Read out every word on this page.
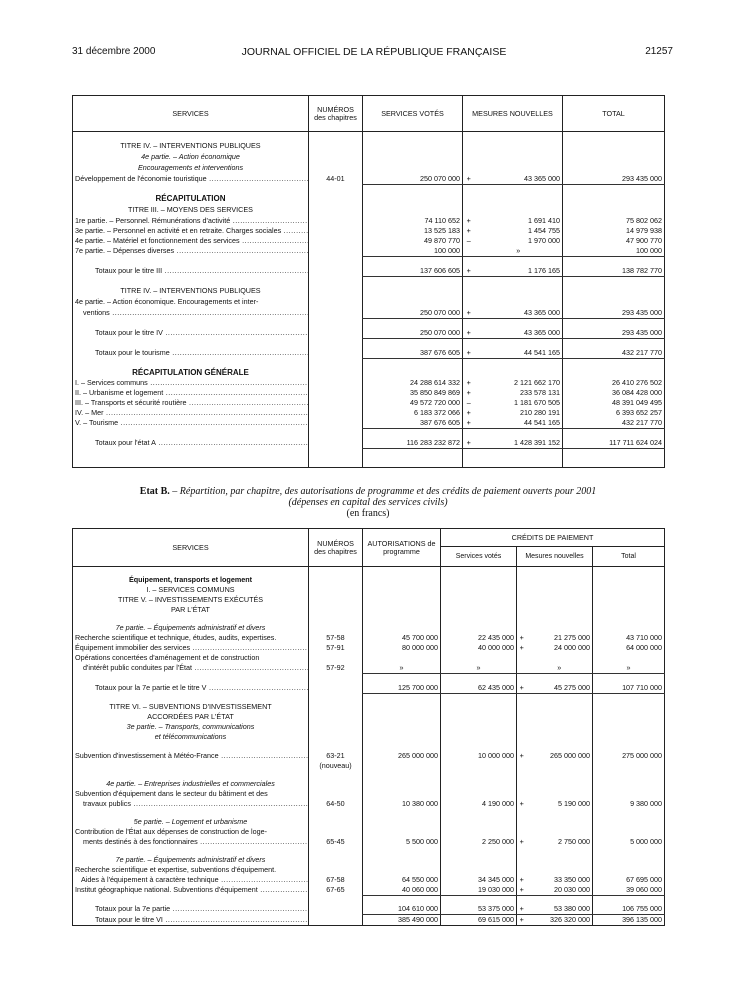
31 décembre 2000	JOURNAL OFFICIEL DE LA RÉPUBLIQUE FRANÇAISE	21257
SERVICES	NUMÉROS des chapitres	SERVICES VOTÉS	MESURES NOUVELLES		TOTAL

TITRE IV. – INTERVENTIONS PUBLIQUES					
4e partie. – Action économique					
Encouragements et interventions					
Développement de l'économie touristique .....	44-01	250 070 000	+	43 365 000	293 435 000

RÉCAPITULATION					
TITRE III. – MOYENS DES SERVICES					
1re partie. – Personnel. Rémunérations d'activité .....		74 110 652	+	1 691 410	75 802 062
3e partie. – Personnel en activité et en retraite. Charges sociales .....		13 525 183	+	1 454 755	14 979 938
4e partie. – Matériel et fonctionnement des services .....		49 870 770	–	1 970 000	47 900 770
7e partie. – Dépenses diverses .....		100 000		»	100 000

Totaux pour le titre III .....		137 606 605	+	1 176 165	138 782 770

TITRE IV. – INTERVENTIONS PUBLIQUES					
4e partie. – Action économique. Encouragements et inter-					
ventions .....		250 070 000	+	43 365 000	293 435 000

Totaux pour le titre IV .....		250 070 000	+	43 365 000	293 435 000

Totaux pour le tourisme .....		387 676 605	+	44 541 165	432 217 770

RÉCAPITULATION GÉNÉRALE					
I. – Services communs .....		24 288 614 332	+	2 121 662 170	26 410 276 502
II. – Urbanisme et logement .....		35 850 849 869	+	233 578 131	36 084 428 000
III. – Transports et sécurité routière .....		49 572 720 000	–	1 181 670 505	48 391 049 495
IV. – Mer .....		6 183 372 066	+	210 280 191	6 393 652 257
V. – Tourisme .....		387 676 605	+	44 541 165	432 217 770

Totaux pour l'état A .....		116 283 232 872	+	1 428 391 152	117 711 624 024

Etat B. – Répartition, par chapitre, des autorisations de programme et des crédits de paiement ouverts pour 2001
(dépenses en capital des services civils)
(en francs)
SERVICES	NUMÉROS des chapitres	AUTORISATIONS de programme	CRÉDITS DE PAIEMENT			
			Services votés	Mesures nouvelles		Total

Équipement, transports et logement						
I. – SERVICES COMMUNS						
TITRE V. – INVESTISSEMENTS EXÉCUTÉS						
PAR L'ÉTAT						

7e partie. – Équipements administratif et divers						
Recherche scientifique et technique, études, audits, expertises.	57-58	45 700 000	22 435 000	+	21 275 000	43 710 000
Équipement immobilier des services .....	57-91	80 000 000	40 000 000	+	24 000 000	64 000 000
Opérations concertées d'aménagement et de construction						
d'intérêt public conduites par l'État .....	57-92	»	»		»	»

Totaux pour la 7e partie et le titre V .....		125 700 000	62 435 000	+	45 275 000	107 710 000

TITRE VI. – SUBVENTIONS D'INVESTISSEMENT						
ACCORDÉES PAR L'ÉTAT						
3e partie. – Transports, communications						
et télécommunications						

Subvention d'investissement à Météo-France .....	63-21	265 000 000	10 000 000	+	265 000 000	275 000 000
	(nouveau)					

4e partie. – Entreprises industrielles et commerciales						
Subvention d'équipement dans le secteur du bâtiment et des						
travaux publics .....	64-50	10 380 000	4 190 000	+	5 190 000	9 380 000

5e partie. – Logement et urbanisme						
Contribution de l'État aux dépenses de construction de loge-						
ments destinés à des fonctionnaires .....	65-45	5 500 000	2 250 000	+	2 750 000	5 000 000

7e partie. – Équipements administratif et divers						
Recherche scientifique et expertise, subventions d'équipement.						
Aides à l'équipement à caractère technique .....	67-58	64 550 000	34 345 000	+	33 350 000	67 695 000
Institut géographique national. Subventions d'équipement .....	67-65	40 060 000	19 030 000	+	20 030 000	39 060 000

Totaux pour la 7e partie .....		104 610 000	53 375 000	+	53 380 000	106 755 000
Totaux pour le titre VI .....		385 490 000	69 615 000	+	326 320 000	396 135 000
